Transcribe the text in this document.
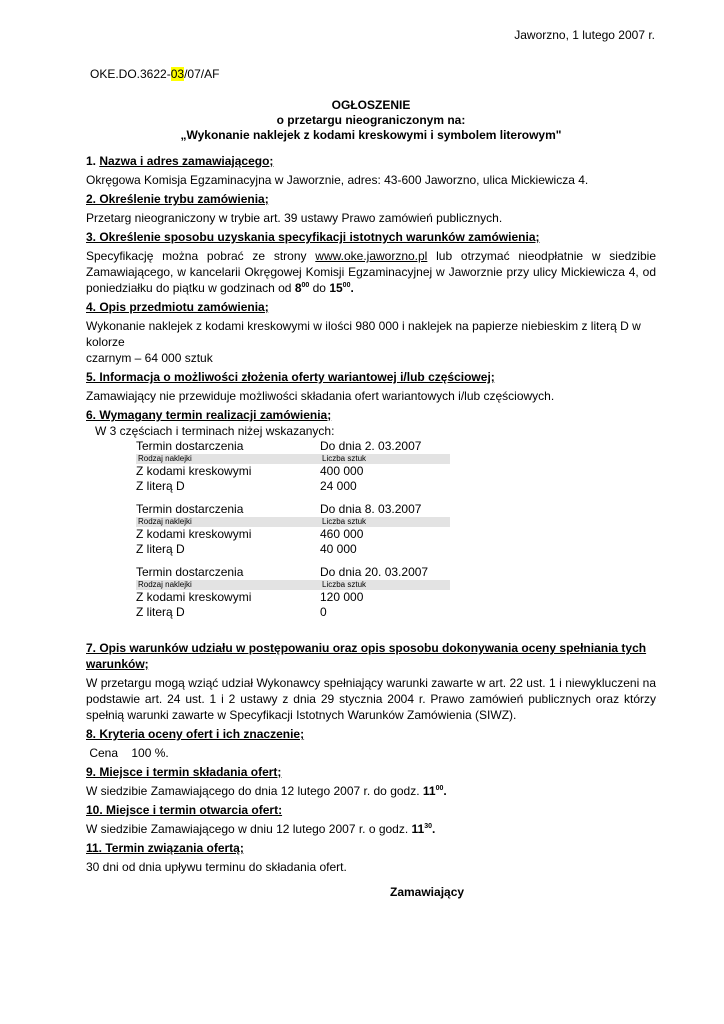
Jaworzno, 1 lutego 2007 r.
OKE.DO.3622-03/07/AF
OGŁOSZENIE
o przetargu nieograniczonym na:
„Wykonanie naklejek z kodami kreskowymi i symbolem literowym"
1. Nazwa i adres zamawiającego;
Okręgowa Komisja Egzaminacyjna w Jaworznie, adres: 43-600 Jaworzno, ulica Mickiewicza 4.
2. Określenie trybu zamówienia;
Przetarg nieograniczony w trybie art. 39 ustawy Prawo zamówień publicznych.
3. Określenie sposobu uzyskania specyfikacji istotnych warunków zamówienia;
Specyfikację można pobrać ze strony www.oke.jaworzno.pl lub otrzymać nieodpłatnie w siedzibie Zamawiającego, w kancelarii Okręgowej Komisji Egzaminacyjnej w Jaworznie przy ulicy Mickiewicza 4, od poniedziałku do piątku w godzinach od $8^{00}$ do $15^{00}$.
4. Opis przedmiotu zamówienia;
Wykonanie naklejek z kodami kreskowymi w ilości 980 000 i naklejek na papierze niebieskim z literą D w kolorze
czarnym – 64 000 sztuk
5. Informacja o możliwości złożenia oferty wariantowej i/lub częściowej;
Zamawiający nie przewiduje możliwości składania ofert wariantowych i/lub częściowych.
6. Wymagany termin realizacji zamówienia;
W 3 częściach i terminach niżej wskazanych:
Termin dostarczenia	Do dnia 2. 03.2007
Rodzaj naklejki	Liczba sztuk
Z kodami kreskowymi	400 000
Z literą D	24 000
Termin dostarczenia	Do dnia 8. 03.2007
Rodzaj naklejki	Liczba sztuk
Z kodami kreskowymi	460 000
Z literą D	40 000
Termin dostarczenia	Do dnia 20. 03.2007
Rodzaj naklejki	Liczba sztuk
Z kodami kreskowymi	120 000
Z literą D	0
7. Opis warunków udziału w postępowaniu oraz opis sposobu dokonywania oceny spełniania tych warunków;
W przetargu mogą wziąć udział Wykonawcy spełniający warunki zawarte w art. 22 ust. 1 i niewykluczeni na podstawie art. 24 ust. 1 i 2 ustawy z dnia 29 stycznia 2004 r. Prawo zamówień publicznych oraz którzy spełnią warunki zawarte w Specyfikacji Istotnych Warunków Zamówienia (SIWZ).
8. Kryteria oceny ofert i ich znaczenie;
Cena    100 %.
9. Miejsce i termin składania ofert;
W siedzibie Zamawiającego do dnia 12 lutego 2007 r. do godz. $11^{00}$.
10. Miejsce i termin otwarcia ofert:
W siedzibie Zamawiającego w dniu 12 lutego 2007 r. o godz. $11^{30}$.
11. Termin związania ofertą;
30 dni od dnia upływu terminu do składania ofert.
Zamawiający
